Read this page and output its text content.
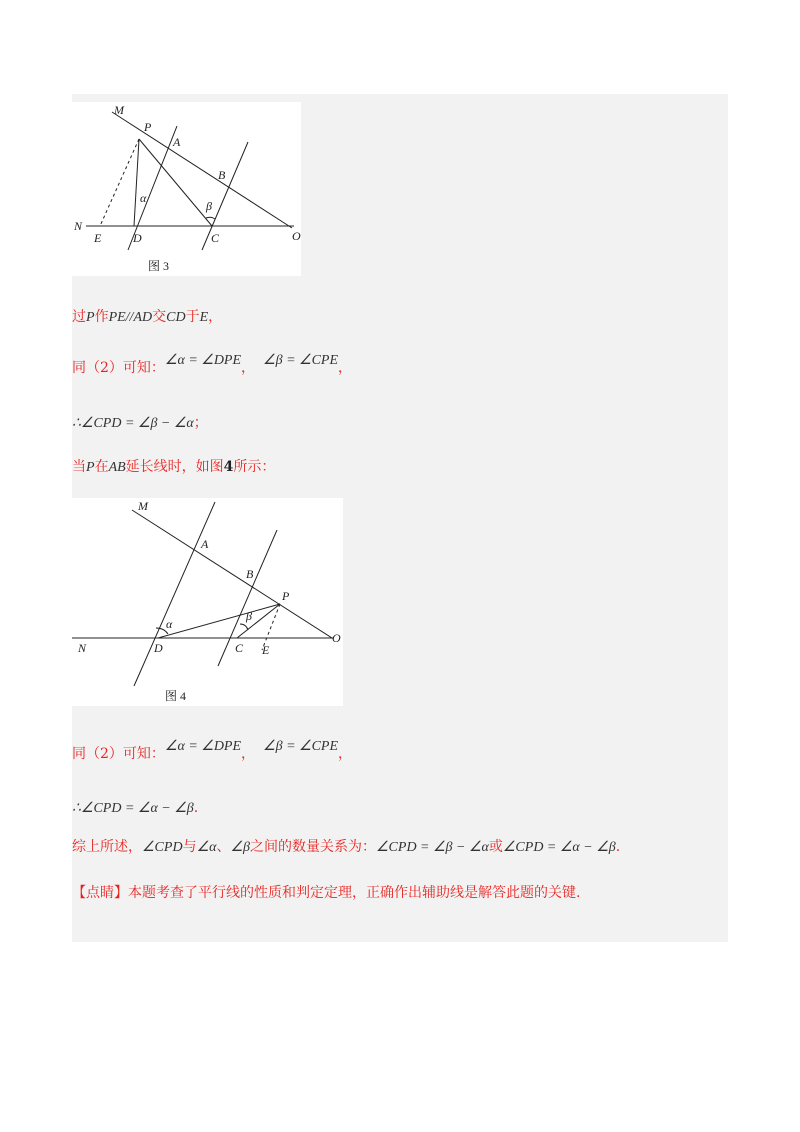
M
P
A
B
α
β
N
E	D	C	O
图 3
过P作PE//AD交CD于E，
同（2）可知：∠α = ∠DPE， ∠β = ∠CPE，
∴∠CPD = ∠β − ∠α；
当P在AB延长线时，如图4所示：
M
A
B
P
α
β
N	D	C E
O
图 4
同（2）可知：∠α = ∠DPE， ∠β = ∠CPE，
∴∠CPD = ∠α − ∠β.
综上所述，∠CPD与∠α、∠β之间的数量关系为：∠CPD = ∠β − ∠α或∠CPD = ∠α − ∠β.
【点睛】本题考查了平行线的性质和判定定理，正确作出辅助线是解答此题的关键.
